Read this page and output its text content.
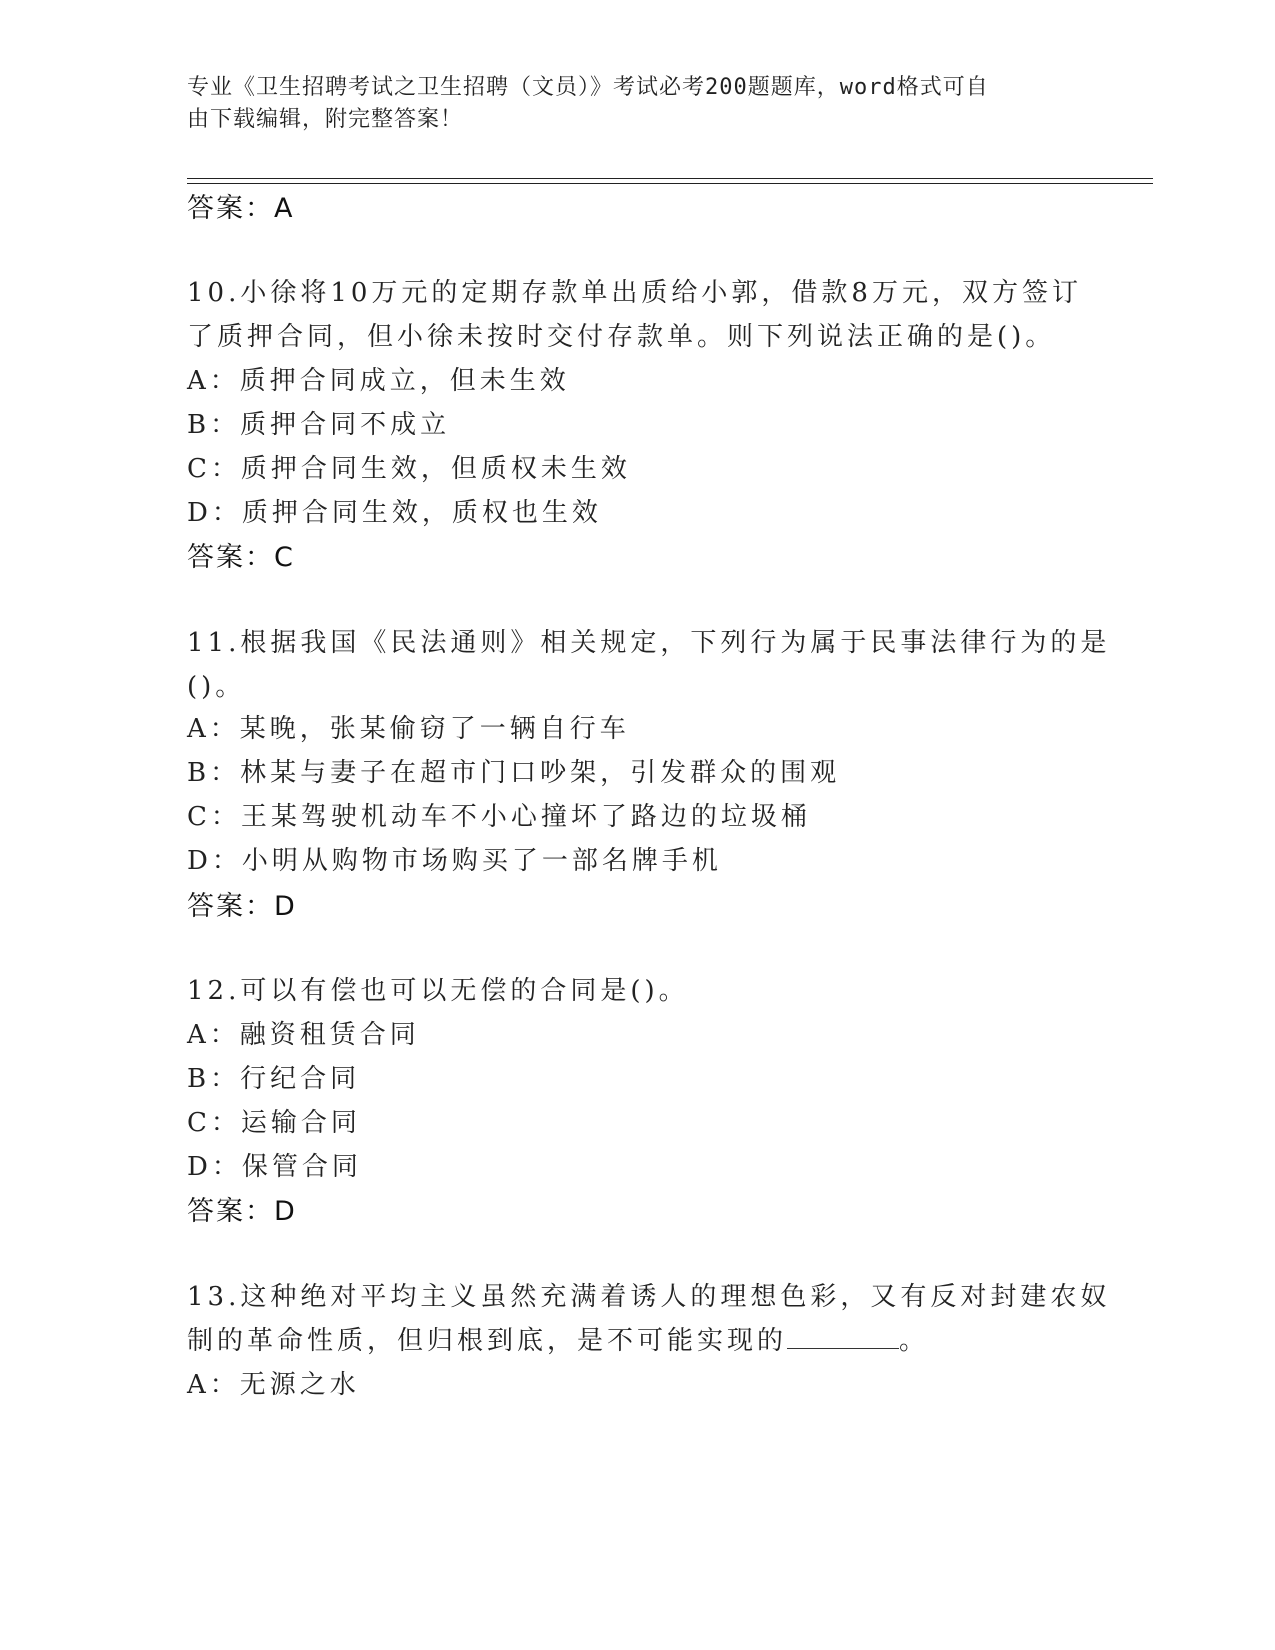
专业《卫生招聘考试之卫生招聘（文员）》考试必考200题题库，word格式可自
由下载编辑，附完整答案！
答案：A
10.小徐将10万元的定期存款单出质给小郭，借款8万元，双方签订
了质押合同，但小徐未按时交付存款单。则下列说法正确的是()。
A：质押合同成立，但未生效
B：质押合同不成立
C：质押合同生效，但质权未生效
D：质押合同生效，质权也生效
答案：C
11.根据我国《民法通则》相关规定，下列行为属于民事法律行为的是
()。
A：某晚，张某偷窃了一辆自行车
B：林某与妻子在超市门口吵架，引发群众的围观
C：王某驾驶机动车不小心撞坏了路边的垃圾桶
D：小明从购物市场购买了一部名牌手机
答案：D
12.可以有偿也可以无偿的合同是()。
A：融资租赁合同
B：行纪合同
C：运输合同
D：保管合同
答案：D
13.这种绝对平均主义虽然充满着诱人的理想色彩，又有反对封建农奴
制的革命性质，但归根到底，是不可能实现的	。
A：无源之水
